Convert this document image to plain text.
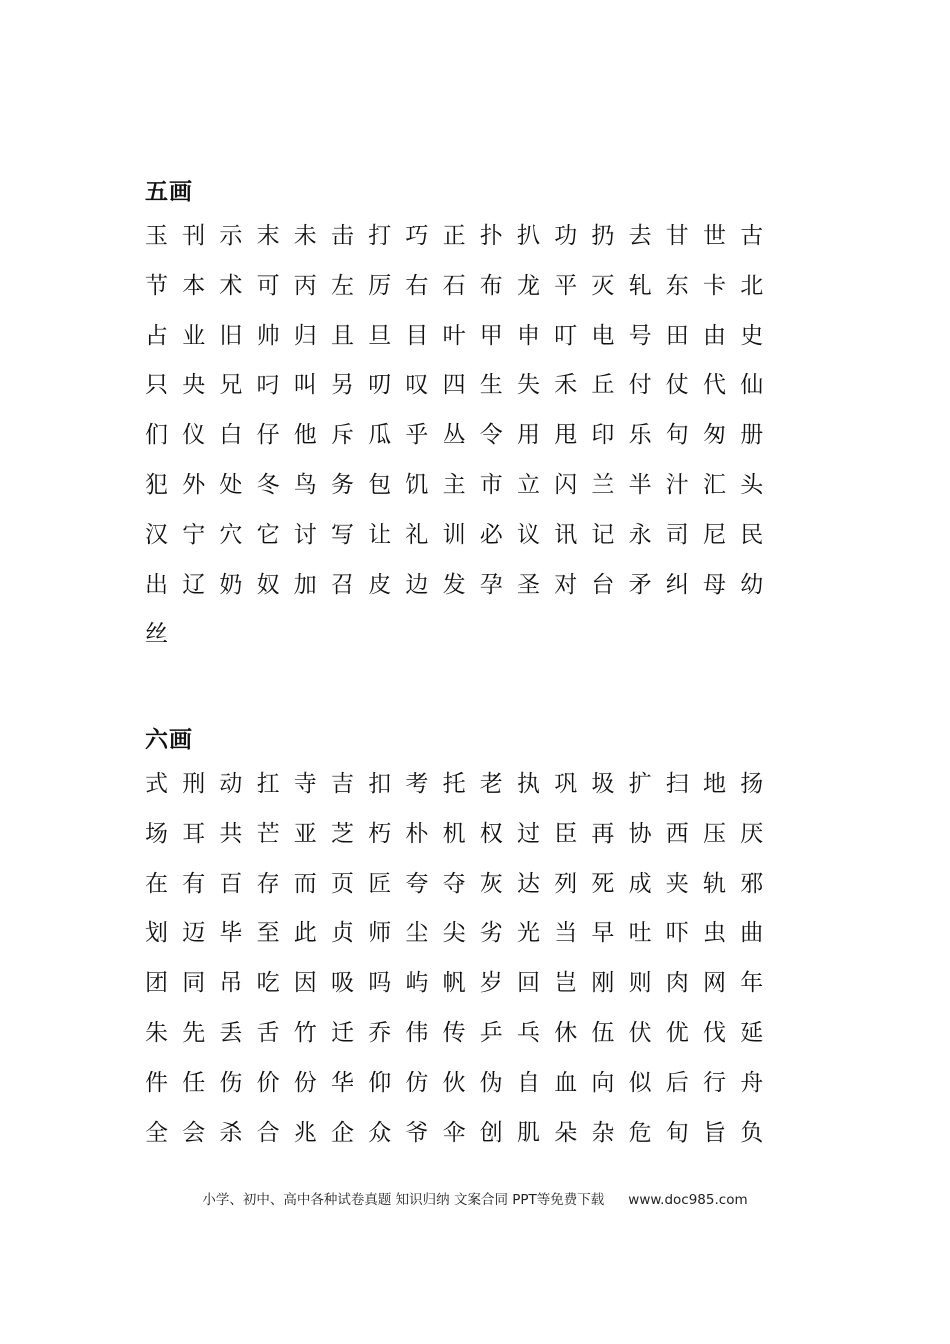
五画
玉刊示末未击打巧正扑扒功扔去甘世古
节本术可丙左厉右石布龙平灭轧东卡北
占业旧帅归且旦目叶甲申叮电号田由史
只央兄叼叫另叨叹四生失禾丘付仗代仙
们仪白仔他斥瓜乎丛令用甩印乐句匆册
犯外处冬鸟务包饥主市立闪兰半汁汇头
汉宁穴它讨写让礼训必议讯记永司尼民
出辽奶奴加召皮边发孕圣对台矛纠母幼
丝
六画
式刑动扛寺吉扣考托老执巩圾扩扫地扬
场耳共芒亚芝朽朴机权过臣再协西压厌
在有百存而页匠夸夺灰达列死成夹轨邪
划迈毕至此贞师尘尖劣光当早吐吓虫曲
团同吊吃因吸吗屿帆岁回岂刚则肉网年
朱先丢舌竹迁乔伟传乒乓休伍伏优伐延
件任伤价份华仰仿伙伪自血向似后行舟
全会杀合兆企众爷伞创肌朵杂危旬旨负
小学、初中、高中各种试卷真题 知识归纳 文案合同 PPT等免费下载 www.doc985.com
